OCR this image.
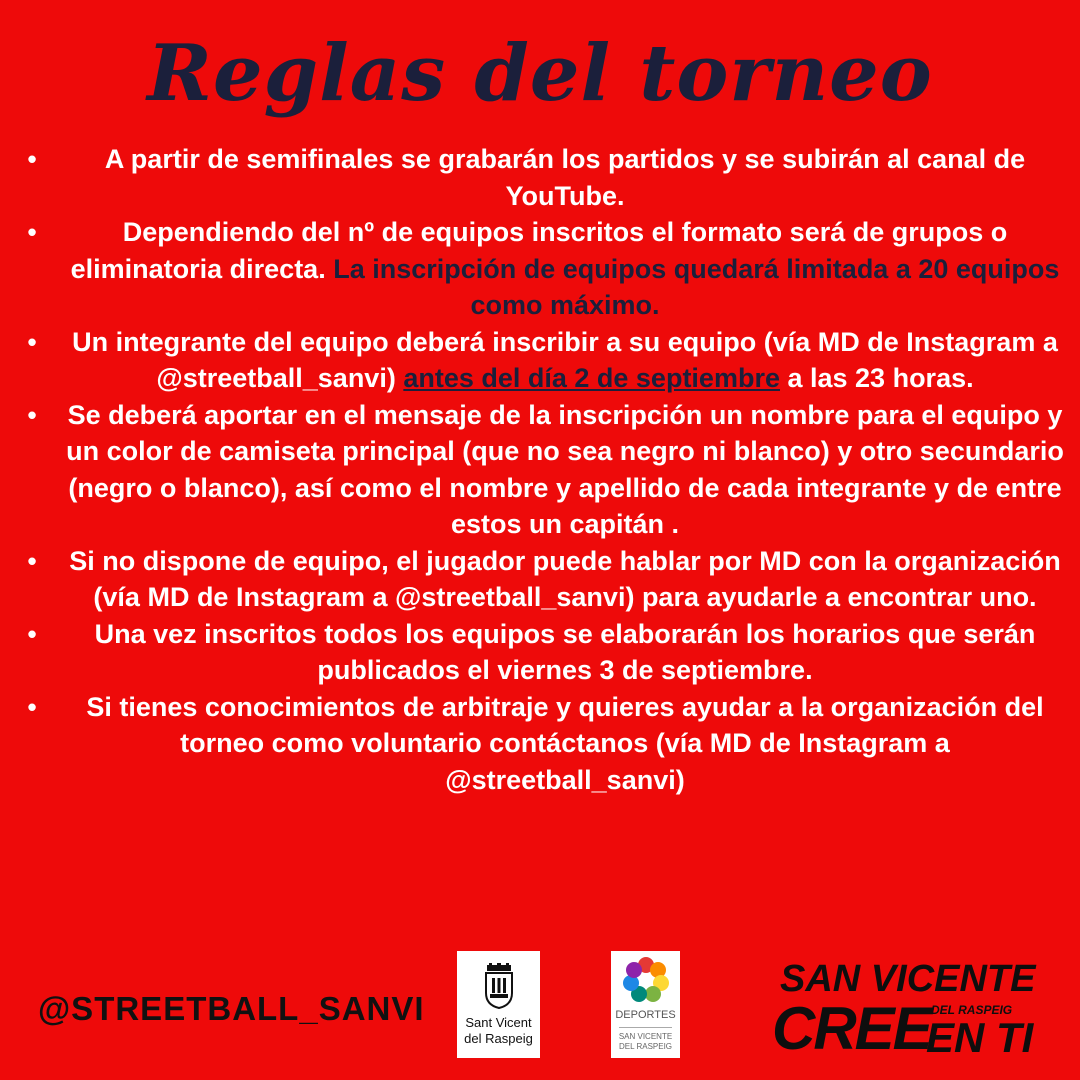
Reglas del torneo
•	A partir de semifinales se grabarán los partidos y se subirán al canal de YouTube.
•	Dependiendo del nº de equipos inscritos el formato será de grupos o eliminatoria directa. La inscripción de equipos quedará limitada a 20 equipos como máximo.
• Un integrante del equipo deberá inscribir a su equipo (vía MD de Instagram a @streetball_sanvi) antes del día 2 de septiembre a las 23 horas.
• Se deberá aportar en el mensaje de la inscripción un nombre para el equipo y un color de camiseta principal (que no sea negro ni blanco) y otro secundario (negro o blanco), así como el nombre y apellido de cada integrante y de entre estos un capitán .
• Si no dispone de equipo, el jugador puede hablar por MD con la organización (vía MD de Instagram a @streetball_sanvi) para ayudarle a encontrar uno.
• Una vez inscritos todos los equipos se elaborarán los horarios que serán publicados el viernes 3 de septiembre.
• Si tienes conocimientos de arbitraje y quieres ayudar a la organización del torneo como voluntario contáctanos (vía MD de Instagram a @streetball_sanvi)
@STREETBALL_SANVI	Sant Vicent
del Raspeig
DEPORTES
SAN VICENTE
DEL RASPEIG
SAN VICENTE
CREE DEL RASPEIG
EN TI
